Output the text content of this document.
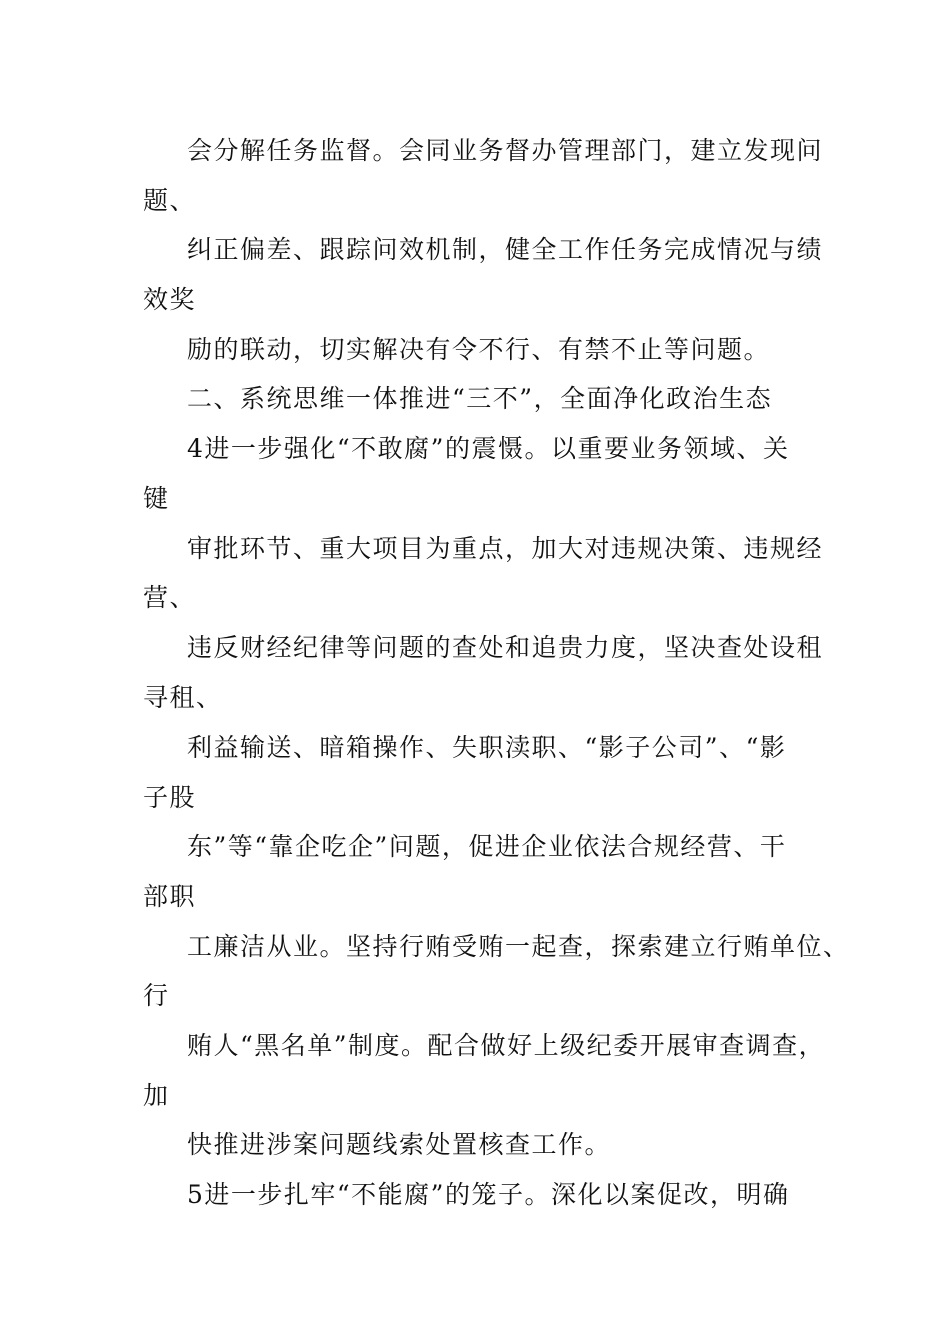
会分解任务监督。会同业务督办管理部门，建立发现问
题、
纠正偏差、跟踪问效机制，健全工作任务完成情况与绩
效奖
励的联动，切实解决有令不行、有禁不止等问题。
二、系统思维一体推进“三不”，全面净化政治生态
4进一步强化“不敢腐”的震慑。以重要业务领域、关
键
审批环节、重大项目为重点，加大对违规决策、违规经
营、
违反财经纪律等问题的查处和追贵力度，坚决查处设租
寻租、
利益输送、暗箱操作、失职渎职、“影子公司”、“影
子股
东”等“靠企吃企”问题，促进企业依法合规经营、干
部职
工廉洁从业。坚持行贿受贿一起查，探索建立行贿单位、
行
贿人“黑名单”制度。配合做好上级纪委开展审查调查，
加
快推进涉案问题线索处置核查工作。
5进一步扎牢“不能腐”的笼子。深化以案促改，明确
